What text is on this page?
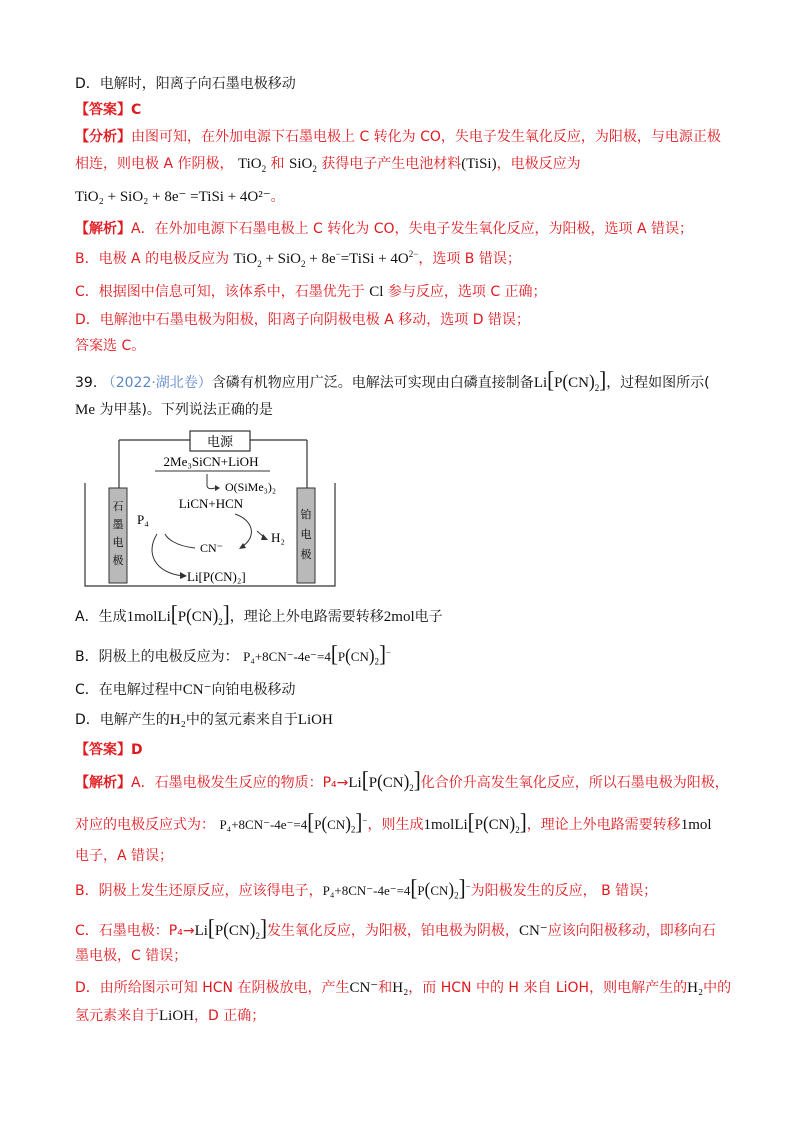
D．电解时，阳离子向石墨电极移动
【答案】C
【分析】由图可知，在外加电源下石墨电极上 C 转化为 CO，失电子发生氧化反应，为阳极，与电源正极
相连，则电极 A 作阴极， TiO$_2$ 和 SiO$_2$ 获得电子产生电池材料(TiSi)，电极反应为
TiO₂ + SiO₂ + 8e⁻ =TiSi + 4O²⁻。
【解析】A．在外加电源下石墨电极上 C 转化为 CO，失电子发生氧化反应，为阳极，选项 A 错误；
B．电极 A 的电极反应为 TiO$_2$ + SiO$_2$ + 8e−=TiSi + $4O^{2-}$，选项 B 错误；
C．根据图中信息可知，该体系中，石墨优先于 Cl 参与反应，选项 C 正确；
D．电解池中石墨电极为阳极，阳离子向阴极电极 A 移动，选项 D 错误；
答案选 C。
39. （2022·湖北卷）含磷有机物应用广泛。电解法可实现由白磷直接制备$Li[P(CN)_2]$，过程如图所示(
Me 为甲基)。下列说法正确的是
电源
石
墨
电
极
铂
电
极
2Me₃SiCN+LiOH
O(SiMe₃)₂
LiCN+HCN
P₄
H₂
CN⁻
Li[P(CN)₂]
A．生成$1molLi[P(CN)_2]$，理论上外电路需要转移2mol电子
B．阴极上的电极反应为： $P_4+8CN^--4e^-=4[P(CN)_2]^-$
C．在电解过程中CN⁻向铂电极移动
D．电解产生的H₂中的氢元素来自于LiOH
【答案】D
【解析】A．石墨电极发生反应的物质：$P_4\to Li[P(CN)_2]$化合价升高发生氧化反应，所以石墨电极为阳极，
对应的电极反应式为： $P_4+8CN^--4e^-=4[P(CN)_2]^-$，则生成$1molLi[P(CN)_2]$，理论上外电路需要转移1mol
电子，A 错误；
B．阴极上发生还原反应，应该得电子，$P_4+8CN^--4e^-=4[P(CN)_2]^-$为阳极发生的反应， B 错误；
C．石墨电极：$P_4\to Li[P(CN)_2]$发生氧化反应，为阳极，铂电极为阴极，CN⁻应该向阳极移动，即移向石
墨电极，C 错误；
D．由所给图示可知 HCN 在阴极放电，产生CN⁻和H₂，而 HCN 中的 H 来自 LiOH，则电解产生的H₂中的
氢元素来自于LiOH，D 正确；
